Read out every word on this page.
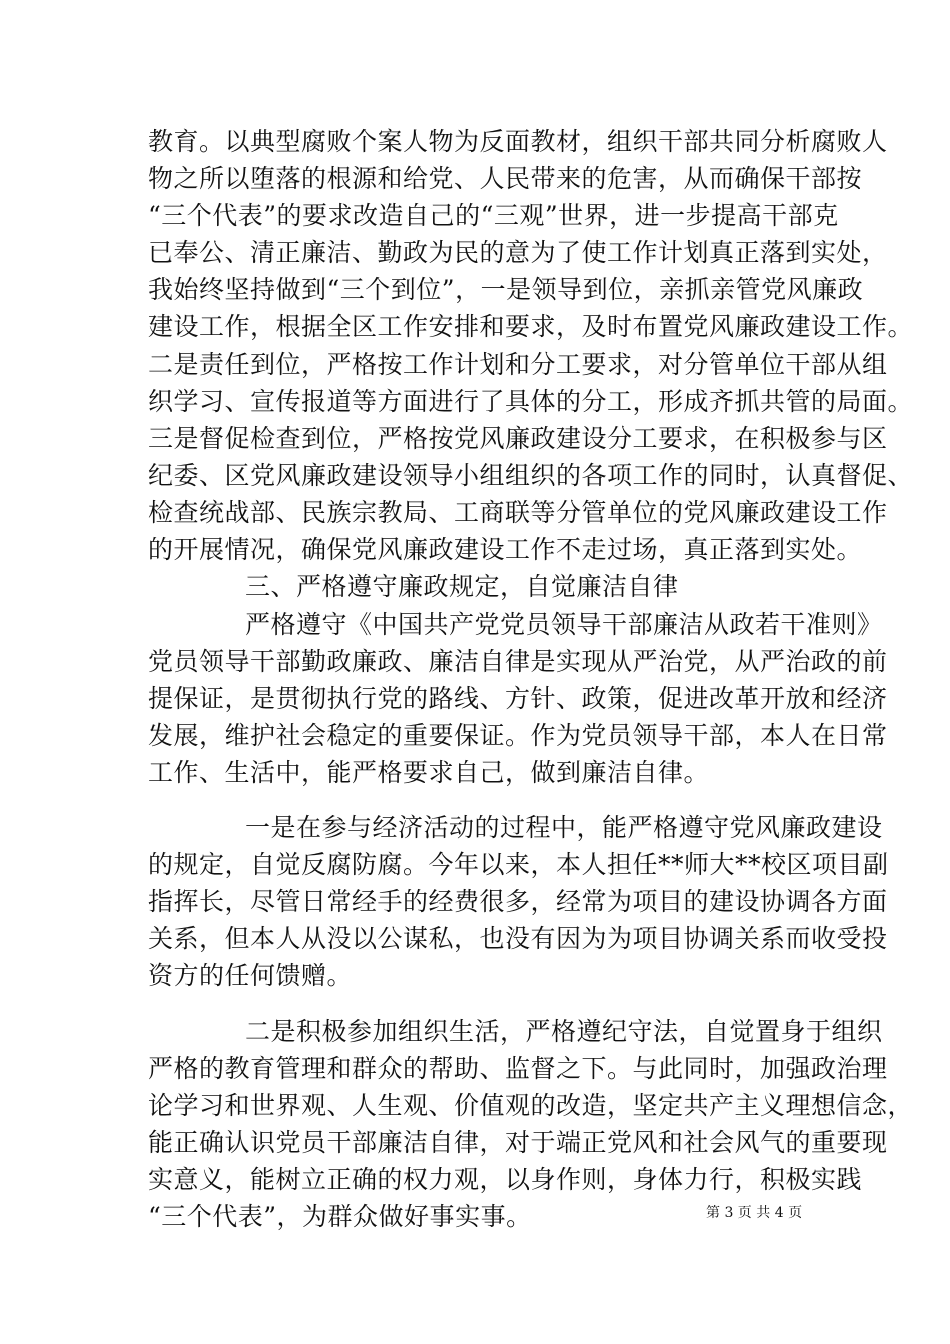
教育。以典型腐败个案人物为反面教材，组织干部共同分析腐败人
物之所以堕落的根源和给党、人民带来的危害，从而确保干部按
“三个代表”的要求改造自己的“三观”世界，进一步提高干部克
已奉公、清正廉洁、勤政为民的意为了使工作计划真正落到实处，
我始终坚持做到“三个到位”，一是领导到位，亲抓亲管党风廉政
建设工作，根据全区工作安排和要求，及时布置党风廉政建设工作。
二是责任到位，严格按工作计划和分工要求，对分管单位干部从组
织学习、宣传报道等方面进行了具体的分工，形成齐抓共管的局面。
三是督促检查到位，严格按党风廉政建设分工要求，在积极参与区
纪委、区党风廉政建设领导小组组织的各项工作的同时，认真督促、
检查统战部、民族宗教局、工商联等分管单位的党风廉政建设工作
的开展情况，确保党风廉政建设工作不走过场，真正落到实处。
三、严格遵守廉政规定，自觉廉洁自律
严格遵守《中国共产党党员领导干部廉洁从政若干准则》
党员领导干部勤政廉政、廉洁自律是实现从严治党，从严治政的前
提保证，是贯彻执行党的路线、方针、政策，促进改革开放和经济
发展，维护社会稳定的重要保证。作为党员领导干部，本人在日常
工作、生活中，能严格要求自己，做到廉洁自律。
一是在参与经济活动的过程中，能严格遵守党风廉政建设
的规定，自觉反腐防腐。今年以来，本人担任**师大**校区项目副
指挥长，尽管日常经手的经费很多，经常为项目的建设协调各方面
关系，但本人从没以公谋私，也没有因为为项目协调关系而收受投
资方的任何馈赠。
二是积极参加组织生活，严格遵纪守法，自觉置身于组织
严格的教育管理和群众的帮助、监督之下。与此同时，加强政治理
论学习和世界观、人生观、价值观的改造，坚定共产主义理想信念，
能正确认识党员干部廉洁自律，对于端正党风和社会风气的重要现
实意义，能树立正确的权力观，以身作则，身体力行，积极实践
“三个代表”，为群众做好事实事。	第 3 页 共 4 页
